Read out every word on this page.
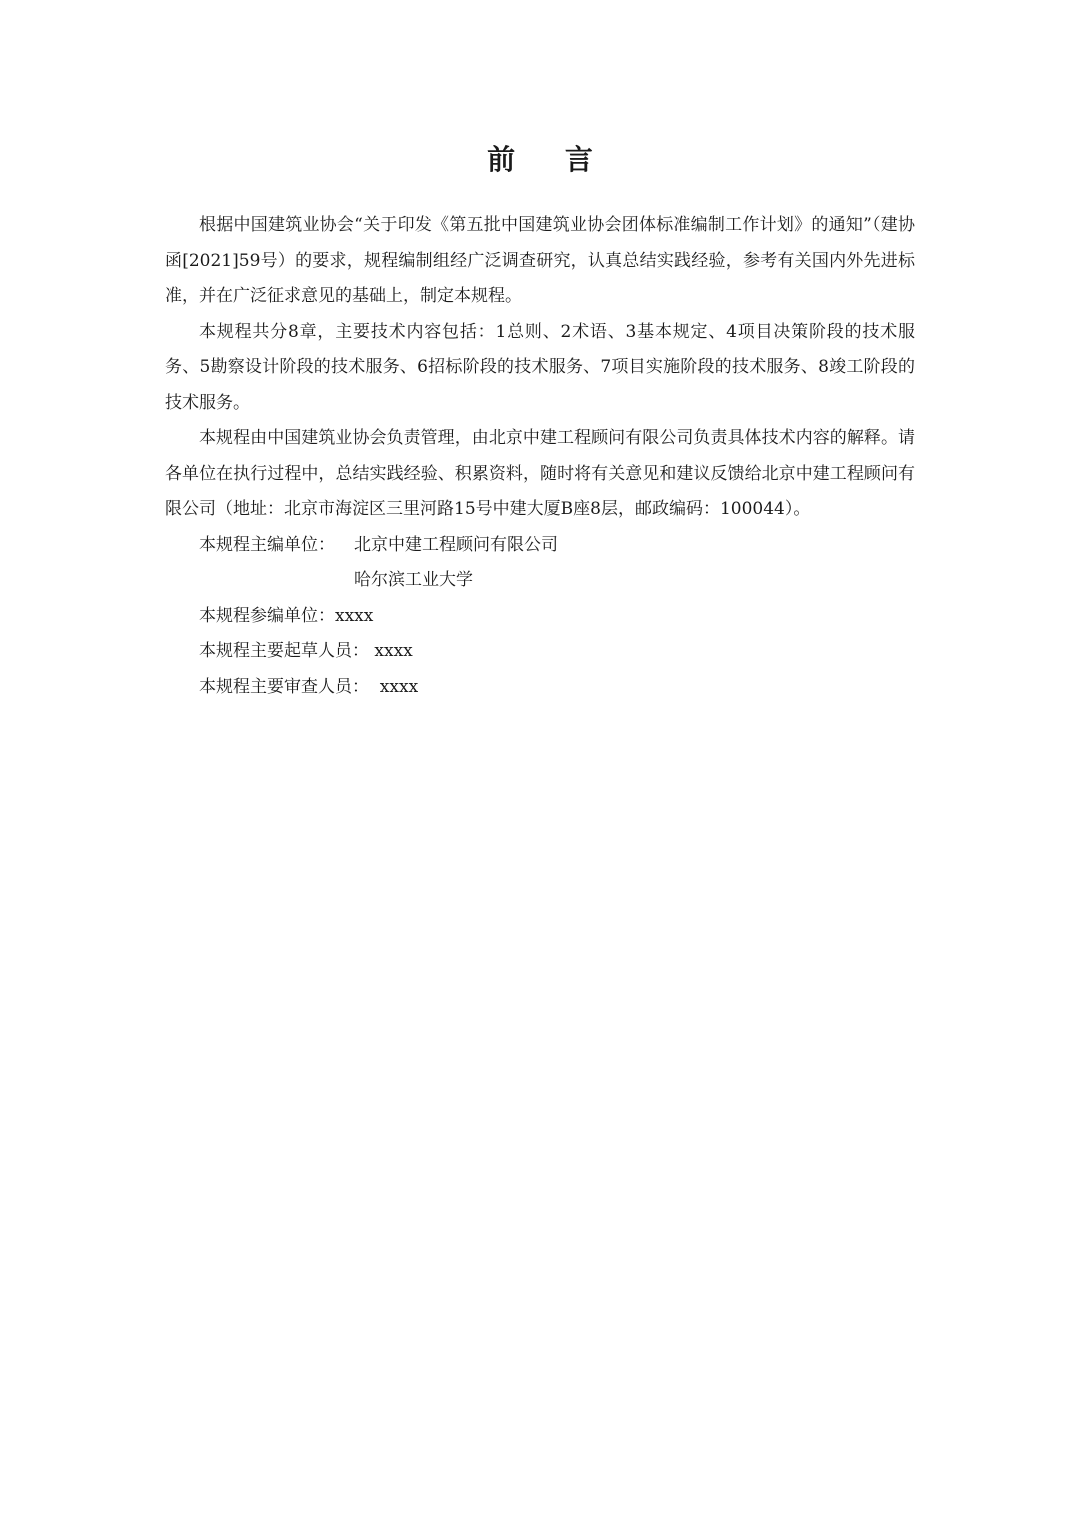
前 言

根据中国建筑业协会“关于印发《第五批中国建筑业协会团体标准编制工作计划》的通知”（建协函[2021]59号）的要求，规程编制组经广泛调查研究，认真总结实践经验，参考有关国内外先进标准，并在广泛征求意见的基础上，制定本规程。

本规程共分8章，主要技术内容包括：1总则、2术语、3基本规定、4项目决策阶段的技术服务、5勘察设计阶段的技术服务、6招标阶段的技术服务、7项目实施阶段的技术服务、8竣工阶段的技术服务。

本规程由中国建筑业协会负责管理，由北京中建工程顾问有限公司负责具体技术内容的解释。请各单位在执行过程中，总结实践经验、积累资料，随时将有关意见和建议反馈给北京中建工程顾问有限公司（地址：北京市海淀区三里河路15号中建大厦B座8层，邮政编码：100044）。

本规程主编单位：	北京中建工程顾问有限公司
哈尔滨工业大学

本规程参编单位：xxxx

本规程主要起草人员： xxxx

本规程主要审查人员：  xxxx
